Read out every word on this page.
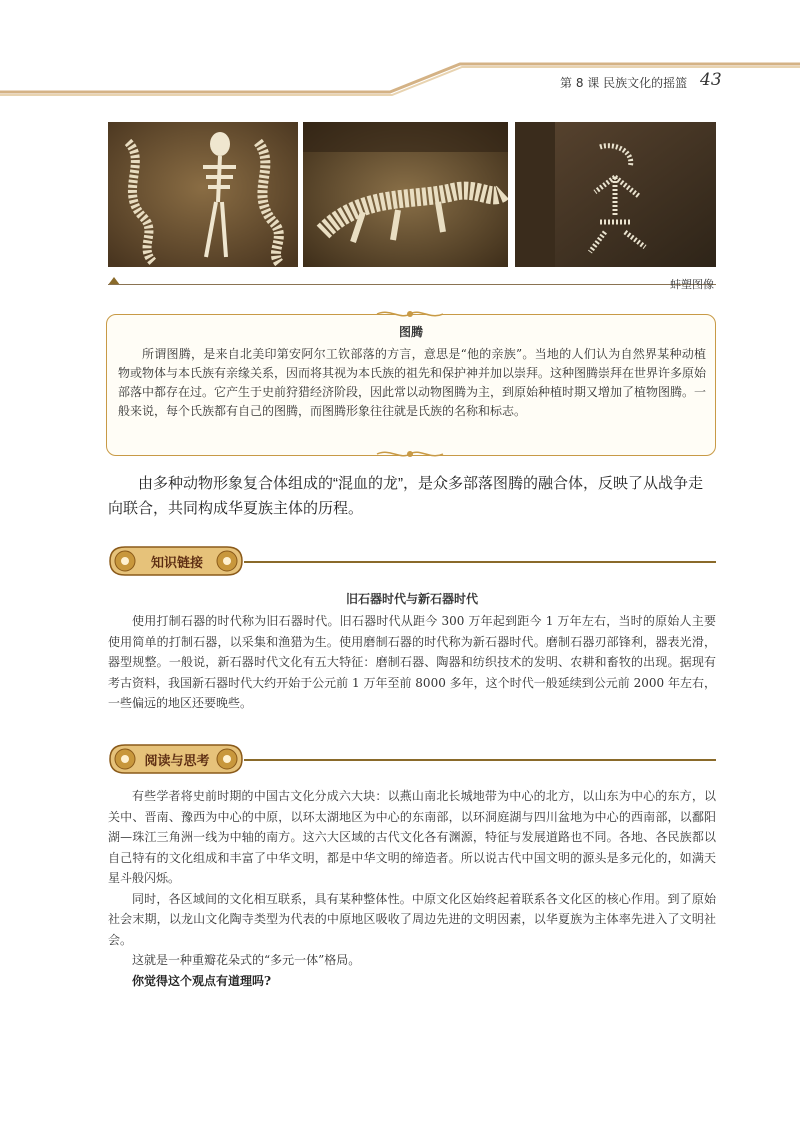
第 8 课 民族文化的摇篮 43
蚌塑图像
图腾
所谓图腾，是来自北美印第安阿尔工钦部落的方言，意思是“他的亲族”。当地的人们认为自然界某种动植物或物体与本氏族有亲缘关系，因而将其视为本氏族的祖先和保护神并加以崇拜。这种图腾崇拜在世界许多原始部落中都存在过。它产生于史前狩猎经济阶段，因此常以动物图腾为主，到原始种植时期又增加了植物图腾。一般来说，每个氏族都有自己的图腾，而图腾形象往往就是氏族的名称和标志。
由多种动物形象复合体组成的“混血的龙”，是众多部落图腾的融合体，反映了从战争走向联合，共同构成华夏族主体的历程。
知识链接
旧石器时代与新石器时代

使用打制石器的时代称为旧石器时代。旧石器时代从距今 300 万年起到距今 1 万年左右，当时的原始人主要使用简单的打制石器，以采集和渔猎为生。使用磨制石器的时代称为新石器时代。磨制石器刃部锋利，器表光滑，器型规整。一般说，新石器时代文化有五大特征：磨制石器、陶器和纺织技术的发明、农耕和畜牧的出现。据现有考古资料，我国新石器时代大约开始于公元前 1 万年至前 8000 多年，这个时代一般延续到公元前 2000 年左右，一些偏远的地区还要晚些。

阅读与思考

有些学者将史前时期的中国古文化分成六大块：以燕山南北长城地带为中心的北方，以山东为中心的东方，以关中、晋南、豫西为中心的中原，以环太湖地区为中心的东南部，以环洞庭湖与四川盆地为中心的西南部，以鄱阳湖—珠江三角洲一线为中轴的南方。这六大区域的古代文化各有渊源，特征与发展道路也不同。各地、各民族都以自己特有的文化组成和丰富了中华文明，都是中华文明的缔造者。所以说古代中国文明的源头是多元化的，如满天星斗般闪烁。

同时，各区域间的文化相互联系，具有某种整体性。中原文化区始终起着联系各文化区的核心作用。到了原始社会末期，以龙山文化陶寺类型为代表的中原地区吸收了周边先进的文明因素，以华夏族为主体率先进入了文明社会。

这就是一种重瓣花朵式的“多元一体”格局。

你觉得这个观点有道理吗?
